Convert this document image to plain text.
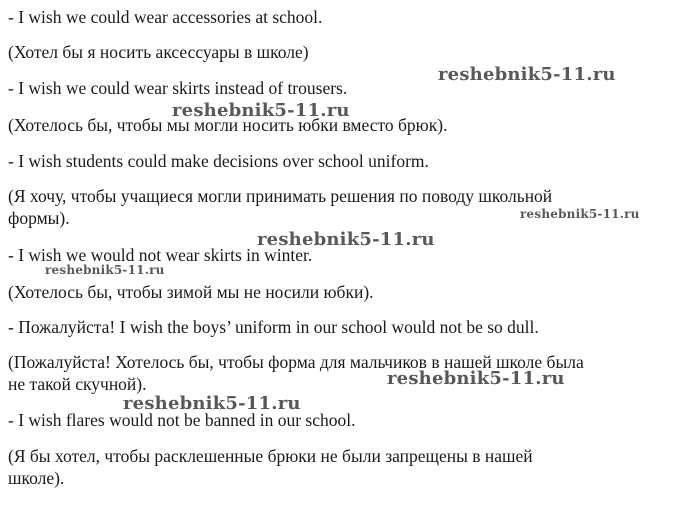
- I wish we could wear accessories at school.

(Хотел бы я носить аксессуары в школе)

- I wish we could wear skirts instead of trousers.

(Хотелось бы, чтобы мы могли носить юбки вместо брюк).

- I wish students could make decisions over school uniform.

(Я хочу, чтобы учащиеся могли принимать решения по поводу школьной

формы).

- I wish we would not wear skirts in winter.

(Хотелось бы, чтобы зимой мы не носили юбки).

- Пожалуйста! I wish the boys’ uniform in our school would not be so dull.

(Пожалуйста! Хотелось бы, чтобы форма для мальчиков в нашей школе была

не такой скучной).

- I wish flares would not be banned in our school.

(Я бы хотел, чтобы расклешенные брюки не были запрещены в нашей

школе).

reshebnik5-11.ru
reshebnik5-11.ru
reshebnik5-11.ru
reshebnik5-11.ru
reshebnik5-11.ru
reshebnik5-11.ru
reshebnik5-11.ru
